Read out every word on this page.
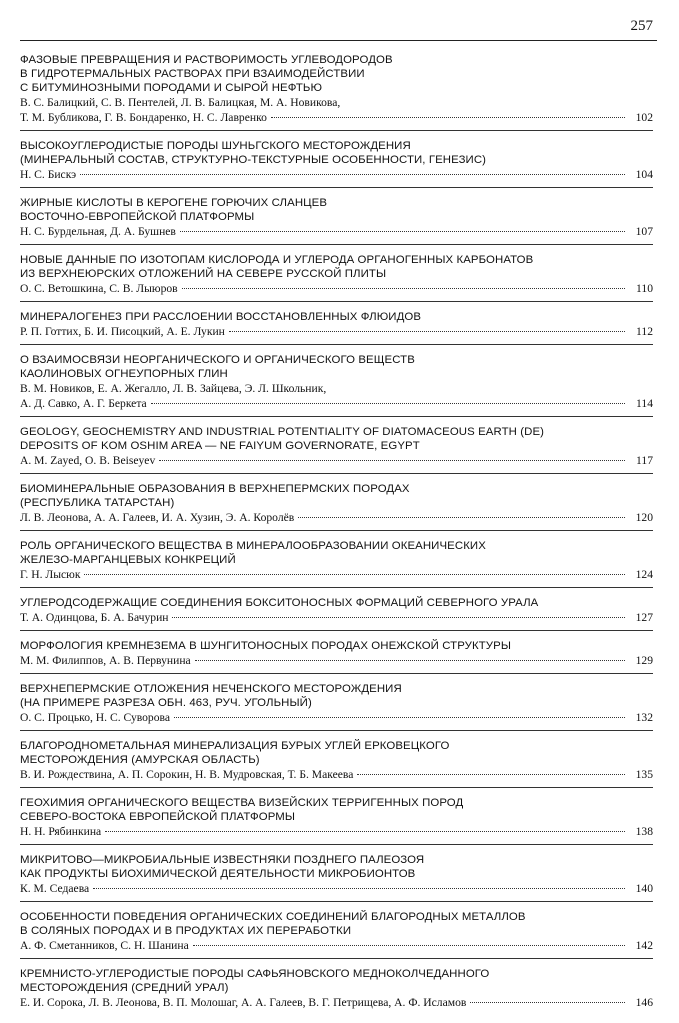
257
ФАЗОВЫЕ ПРЕВРАЩЕНИЯ И РАСТВОРИМОСТЬ УГЛЕВОДОРОДОВ
В ГИДРОТЕРМАЛЬНЫХ РАСТВОРАХ ПРИ ВЗАИМОДЕЙСТВИИ
С БИТУМИНОЗНЫМИ ПОРОДАМИ И СЫРОЙ НЕФТЬЮ
В. С. Балицкий, С. В. Пентелей, Л. В. Балицкая, М. А. Новикова,
Т. М. Бубликова, Г. В. Бондаренко, Н. С. Лавренко	102
ВЫСОКОУГЛЕРОДИСТЫЕ ПОРОДЫ ШУНЬГСКОГО МЕСТОРОЖДЕНИЯ
(МИНЕРАЛЬНЫЙ СОСТАВ, СТРУКТУРНО-ТЕКСТУРНЫЕ ОСОБЕННОСТИ, ГЕНЕЗИС)
Н. С. Бискэ	104
ЖИРНЫЕ КИСЛОТЫ В КЕРОГЕНЕ ГОРЮЧИХ СЛАНЦЕВ
ВОСТОЧНО-ЕВРОПЕЙСКОЙ ПЛАТФОРМЫ
Н. С. Бурдельная, Д. А. Бушнев	107
НОВЫЕ ДАННЫЕ ПО ИЗОТОПАМ КИСЛОРОДА И УГЛЕРОДА ОРГАНОГЕННЫХ КАРБОНАТОВ
ИЗ ВЕРХНЕЮРСКИХ ОТЛОЖЕНИЙ НА СЕВЕРЕ РУССКОЙ ПЛИТЫ
О. С. Ветошкина, С. В. Лыюров	110
МИНЕРАЛОГЕНЕЗ ПРИ РАССЛОЕНИИ ВОССТАНОВЛЕННЫХ ФЛЮИДОВ
Р. П. Готтих, Б. И. Писоцкий, А. Е. Лукин	112
О ВЗАИМОСВЯЗИ НЕОРГАНИЧЕСКОГО И ОРГАНИЧЕСКОГО ВЕЩЕСТВ
КАОЛИНОВЫХ ОГНЕУПОРНЫХ ГЛИН
В. М. Новиков, Е. А. Жегалло, Л. В. Зайцева, Э. Л. Школьник,
А. Д. Савко, А. Г. Беркета	114
GEOLOGY, GEOCHEMISTRY AND INDUSTRIAL POTENTIALITY OF DIATOMACEOUS EARTH (DE)
DEPOSITS OF KOM OSHIM AREA — NE FAIYUM GOVERNORATE, EGYPT
A. M. Zayed, O. B. Beiseyev	117
БИОМИНЕРАЛЬНЫЕ ОБРАЗОВАНИЯ В ВЕРХНЕПЕРМСКИХ ПОРОДАХ
(РЕСПУБЛИКА ТАТАРСТАН)
Л. В. Леонова, А. А. Галеев, И. А. Хузин, Э. А. Королёв	120
РОЛЬ ОРГАНИЧЕСКОГО ВЕЩЕСТВА В МИНЕРАЛООБРАЗОВАНИИ ОКЕАНИЧЕСКИХ
ЖЕЛЕЗО-МАРГАНЦЕВЫХ КОНКРЕЦИЙ
Г. Н. Лысюк	124
УГЛЕРОДСОДЕРЖАЩИЕ СОЕДИНЕНИЯ БОКСИТОНОСНЫХ ФОРМАЦИЙ СЕВЕРНОГО УРАЛА
Т. А. Одинцова, Б. А. Бачурин	127
МОРФОЛОГИЯ КРЕМНЕЗЕМА В ШУНГИТОНОСНЫХ ПОРОДАХ ОНЕЖСКОЙ СТРУКТУРЫ
М. М. Филиппов, А. В. Первунина	129
ВЕРХНЕПЕРМСКИЕ ОТЛОЖЕНИЯ НЕЧЕНСКОГО МЕСТОРОЖДЕНИЯ
(НА ПРИМЕРЕ РАЗРЕЗА ОБН. 463, РУЧ. УГОЛЬНЫЙ)
О. С. Процько, Н. С. Суворова	132
БЛАГОРОДНОМЕТАЛЬНАЯ МИНЕРАЛИЗАЦИЯ БУРЫХ УГЛЕЙ ЕРКОВЕЦКОГО
МЕСТОРОЖДЕНИЯ (АМУРСКАЯ ОБЛАСТЬ)
В. И. Рождествина, А. П. Сорокин, Н. В. Мудровская, Т. Б. Макеева	135
ГЕОХИМИЯ ОРГАНИЧЕСКОГО ВЕЩЕСТВА ВИЗЕЙСКИХ ТЕРРИГЕННЫХ ПОРОД
СЕВЕРО-ВОСТОКА ЕВРОПЕЙСКОЙ ПЛАТФОРМЫ
Н. Н. Рябинкина	138
МИКРИТОВО—МИКРОБИАЛЬНЫЕ ИЗВЕСТНЯКИ ПОЗДНЕГО ПАЛЕОЗОЯ
КАК ПРОДУКТЫ БИОХИМИЧЕСКОЙ ДЕЯТЕЛЬНОСТИ МИКРОБИОНТОВ
К. М. Седаева	140
ОСОБЕННОСТИ ПОВЕДЕНИЯ ОРГАНИЧЕСКИХ СОЕДИНЕНИЙ БЛАГОРОДНЫХ МЕТАЛЛОВ
В СОЛЯНЫХ ПОРОДАХ И В ПРОДУКТАХ ИХ ПЕРЕРАБОТКИ
А. Ф. Сметанников, С. Н. Шанина	142
КРЕМНИСТО-УГЛЕРОДИСТЫЕ ПОРОДЫ САФЬЯНОВСКОГО МЕДНОКОЛЧЕДАННОГО
МЕСТОРОЖДЕНИЯ (СРЕДНИЙ УРАЛ)
Е. И. Сорока, Л. В. Леонова, В. П. Молошаг, А. А. Галеев, В. Г. Петрищева, А. Ф. Исламов	146
